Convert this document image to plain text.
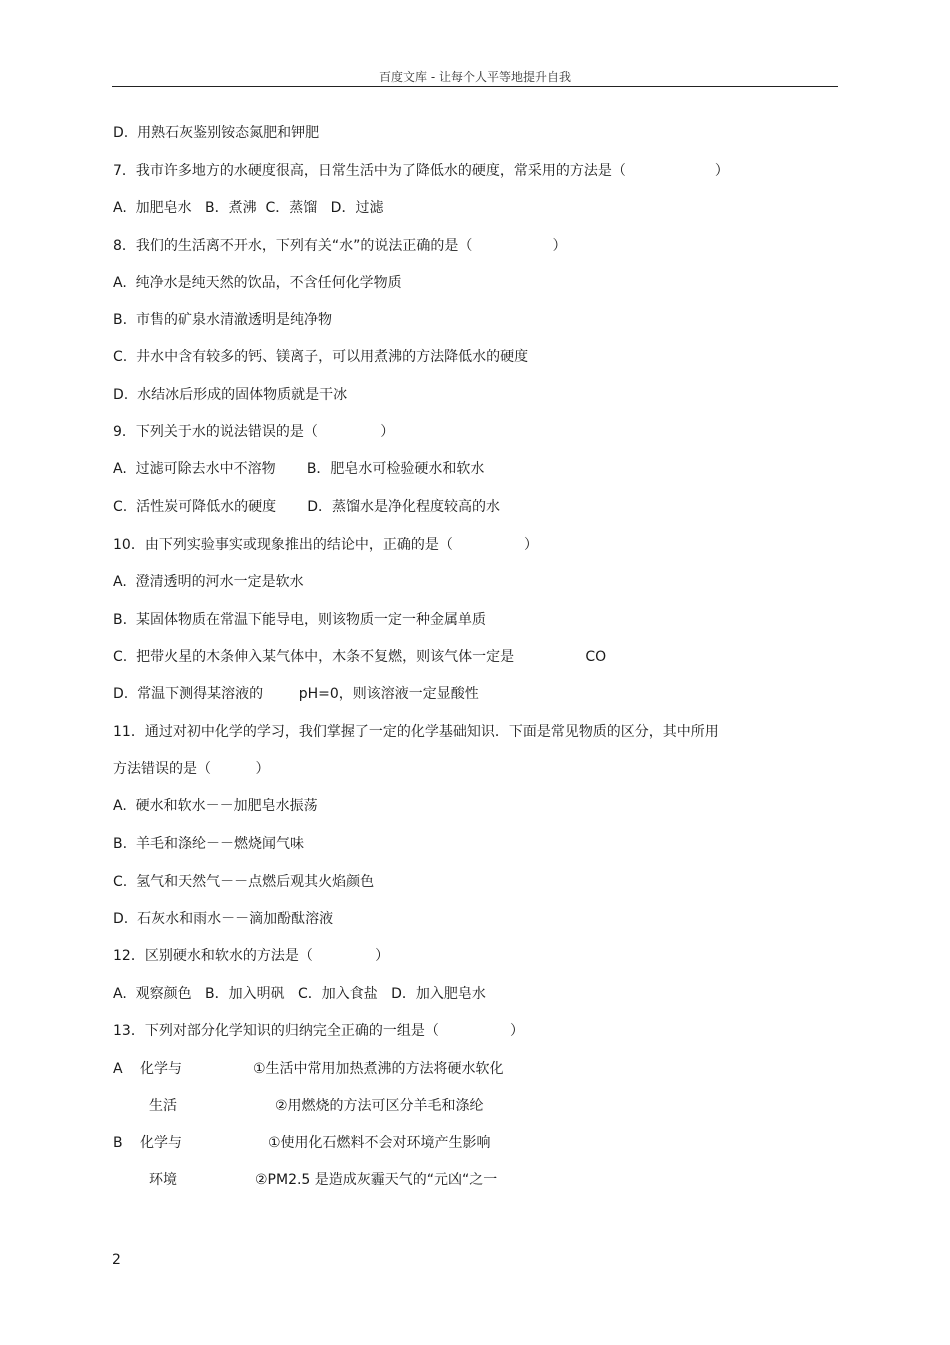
百度文库 - 让每个人平等地提升自我
D.  用熟石灰鉴别铵态氮肥和钾肥
7．我市许多地方的水硬度很高，日常生活中为了降低水的硬度，常采用的方法是（                    ）
A.  加肥皂水   B．煮沸  C．蒸馏   D．过滤
8．我们的生活离不开水，下列有关“水”的说法正确的是（                  ）
A.  纯净水是纯天然的饮品，不含任何化学物质
B.  市售的矿泉水清澈透明是纯净物
C.  井水中含有较多的钙、镁离子，可以用煮沸的方法降低水的硬度
D.  水结冰后形成的固体物质就是干冰
9．下列关于水的说法错误的是（              ）
A.  过滤可除去水中不溶物       B．肥皂水可检验硬水和软水
C.  活性炭可降低水的硬度       D．蒸馏水是净化程度较高的水
10．由下列实验事实或现象推出的结论中，正确的是（                ）
A.  澄清透明的河水一定是软水
B.  某固体物质在常温下能导电，则该物质一定一种金属单质
C.  把带火星的木条伸入某气体中，木条不复燃，则该气体一定是                CO
D.  常温下测得某溶液的        pH=0，则该溶液一定显酸性
11．通过对初中化学的学习，我们掌握了一定的化学基础知识．下面是常见物质的区分，其中所用
方法错误的是（          ）
A.  硬水和软水－－加肥皂水振荡
B.  羊毛和涤纶－－燃烧闻气味
C.  氢气和天然气－－点燃后观其火焰颜色
D.  石灰水和雨水－－滴加酚酞溶液
12．区别硬水和软水的方法是（              ）
A.  观察颜色   B．加入明矾   C．加入食盐   D．加入肥皂水
13．下列对部分化学知识的归纳完全正确的一组是（                ）
A 化学与
生活
①生活中常用加热煮沸的方法将硬水软化
②用燃烧的方法可区分羊毛和涤纶
B 化学与
环境
①使用化石燃料不会对环境产生影响
②PM2.5 是造成灰霾天气的“元凶“之一
2
